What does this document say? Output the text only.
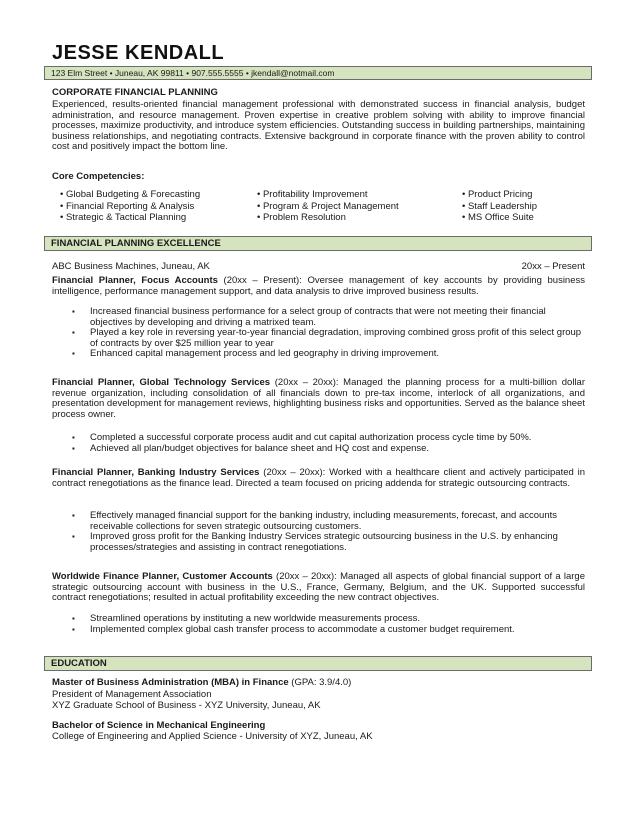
JESSE KENDALL
123 Elm Street • Juneau, AK 99811 • 907.555.5555 • jkendall@notmail.com
CORPORATE FINANCIAL PLANNING
Experienced, results-oriented financial management professional with demonstrated success in financial analysis, budget administration, and resource management. Proven expertise in creative problem solving with ability to improve financial processes, maximize productivity, and introduce system efficiencies. Outstanding success in building partnerships, maintaining business relationships, and negotiating contracts. Extensive background in corporate finance with the proven ability to control cost and positively impact the bottom line.
Core Competencies:
• Global Budgeting & Forecasting
• Financial Reporting & Analysis
• Strategic & Tactical Planning
• Profitability Improvement
• Program & Project Management
• Problem Resolution
• Product Pricing
• Staff Leadership
• MS Office Suite
FINANCIAL PLANNING EXCELLENCE
ABC Business Machines, Juneau, AK	20xx – Present
Financial Planner, Focus Accounts (20xx – Present): Oversee management of key accounts by providing business intelligence, performance management support, and data analysis to drive improved business results.
▪ Increased financial business performance for a select group of contracts that were not meeting their financial objectives by developing and driving a matrixed team.
▪ Played a key role in reversing year-to-year financial degradation, improving combined gross profit of this select group of contracts by over $25 million year to year
▪ Enhanced capital management process and led geography in driving improvement.
Financial Planner, Global Technology Services (20xx – 20xx): Managed the planning process for a multi-billion dollar revenue organization, including consolidation of all financials down to pre-tax income, interlock of all organizations, and presentation development for management reviews, highlighting business risks and opportunities. Served as the balance sheet process owner.
▪ Completed a successful corporate process audit and cut capital authorization process cycle time by 50%.
▪ Achieved all plan/budget objectives for balance sheet and HQ cost and expense.
Financial Planner, Banking Industry Services (20xx – 20xx): Worked with a healthcare client and actively participated in contract renegotiations as the finance lead. Directed a team focused on pricing addenda for strategic outsourcing contracts.
▪ Effectively managed financial support for the banking industry, including measurements, forecast, and accounts receivable collections for seven strategic outsourcing customers.
▪ Improved gross profit for the Banking Industry Services strategic outsourcing business in the U.S. by enhancing processes/strategies and assisting in contract renegotiations.
Worldwide Finance Planner, Customer Accounts (20xx – 20xx): Managed all aspects of global financial support of a large strategic outsourcing account with business in the U.S., France, Germany, Belgium, and the UK. Supported successful contract renegotiations; resulted in actual profitability exceeding the new contract objectives.
▪ Streamlined operations by instituting a new worldwide measurements process.
▪ Implemented complex global cash transfer process to accommodate a customer budget requirement.
EDUCATION
Master of Business Administration (MBA) in Finance (GPA: 3.9/4.0)
President of Management Association
XYZ Graduate School of Business - XYZ University, Juneau, AK
Bachelor of Science in Mechanical Engineering
College of Engineering and Applied Science - University of XYZ, Juneau, AK
